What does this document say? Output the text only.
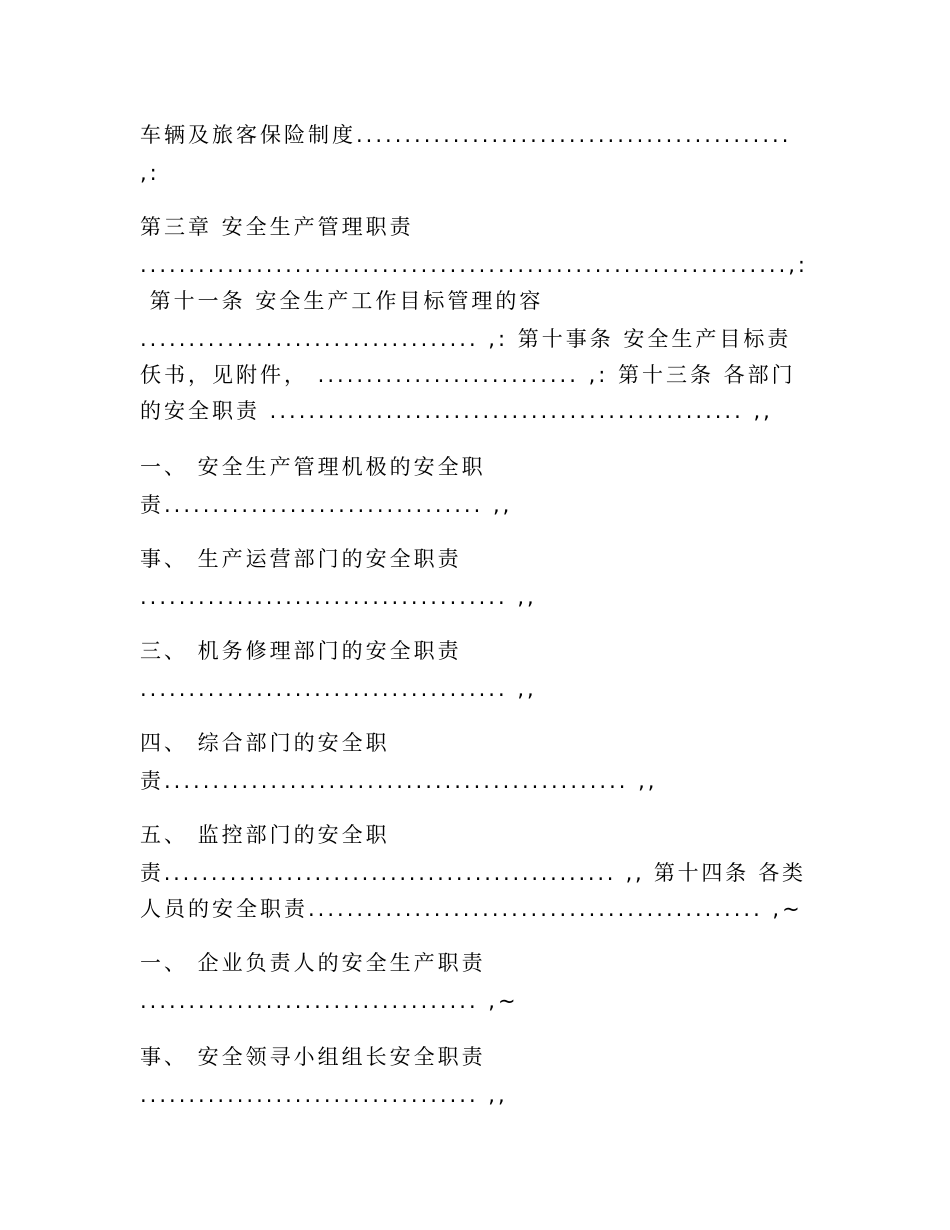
车辆及旅客保险制度.............................................
,:
第三章 安全生产管理职责
...................................................................,:
第十一条 安全生产工作目标管理的容
................................... ,: 第十事条 安全生产目标责
仸书，见附件， ........................... ,: 第十三条 各部门
的安全职责 ................................................. ,,
一、 安全生产管理机极的安全职
责................................. ,,
事、 生产运营部门的安全职责
...................................... ,,
三、 机务修理部门的安全职责
...................................... ,,
四、 综合部门的安全职
责................................................ ,,
五、 监控部门的安全职
责................................................ ,, 第十四条 各类
人员的安全职责............................................... ,~
一、 企业负责人的安全生产职责
................................... ,~
事、 安全领寻小组组长安全职责
................................... ,,
